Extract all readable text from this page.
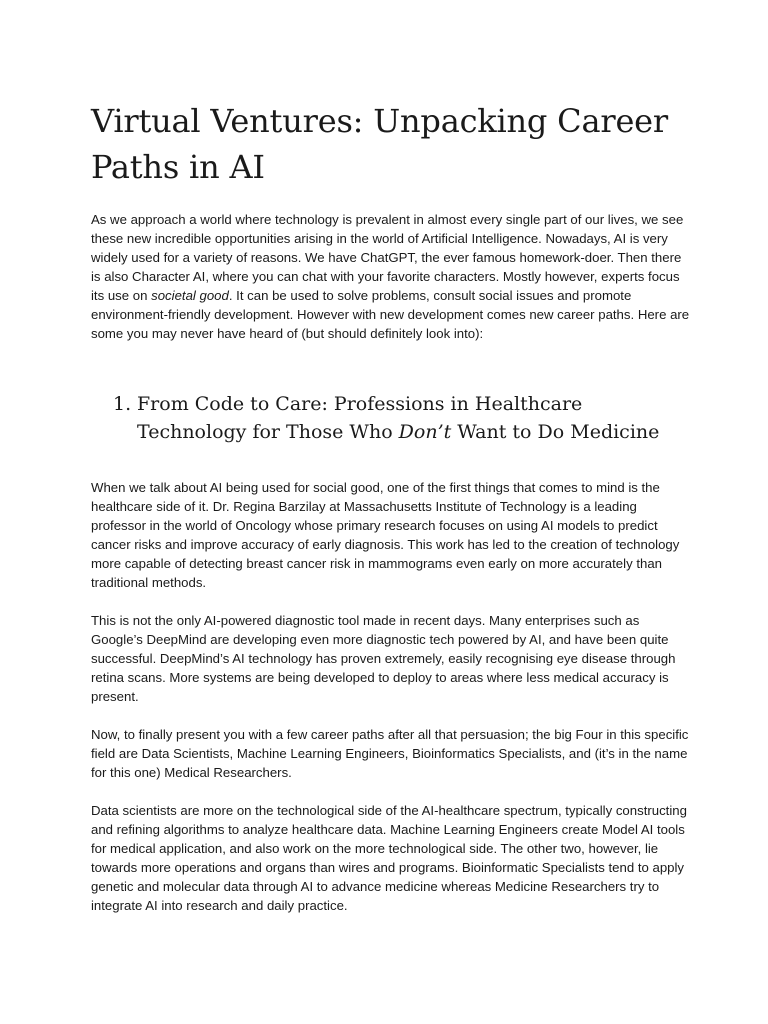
Virtual Ventures: Unpacking Career Paths in AI

As we approach a world where technology is prevalent in almost every single part of our lives, we see these new incredible opportunities arising in the world of Artificial Intelligence. Nowadays, AI is very widely used for a variety of reasons. We have ChatGPT, the ever famous homework-doer. Then there is also Character AI, where you can chat with your favorite characters. Mostly however, experts focus its use on societal good. It can be used to solve problems, consult social issues and promote environment-friendly development. However with new development comes new career paths. Here are some you may never have heard of (but should definitely look into):

1. From Code to Care: Professions in Healthcare Technology for Those Who Don’t Want to Do Medicine

When we talk about AI being used for social good, one of the first things that comes to mind is the healthcare side of it. Dr. Regina Barzilay at Massachusetts Institute of Technology is a leading professor in the world of Oncology whose primary research focuses on using AI models to predict cancer risks and improve accuracy of early diagnosis. This work has led to the creation of technology more capable of detecting breast cancer risk in mammograms even early on more accurately than traditional methods.

This is not the only AI-powered diagnostic tool made in recent days. Many enterprises such as Google’s DeepMind are developing even more diagnostic tech powered by AI, and have been quite successful. DeepMind’s AI technology has proven extremely, easily recognising eye disease through retina scans. More systems are being developed to deploy to areas where less medical accuracy is present.

Now, to finally present you with a few career paths after all that persuasion; the big Four in this specific field are Data Scientists, Machine Learning Engineers, Bioinformatics Specialists, and (it’s in the name for this one) Medical Researchers.

Data scientists are more on the technological side of the AI-healthcare spectrum, typically constructing and refining algorithms to analyze healthcare data. Machine Learning Engineers create Model AI tools for medical application, and also work on the more technological side. The other two, however, lie towards more operations and organs than wires and programs. Bioinformatic Specialists tend to apply genetic and molecular data through AI to advance medicine whereas Medicine Researchers try to integrate AI into research and daily practice.
